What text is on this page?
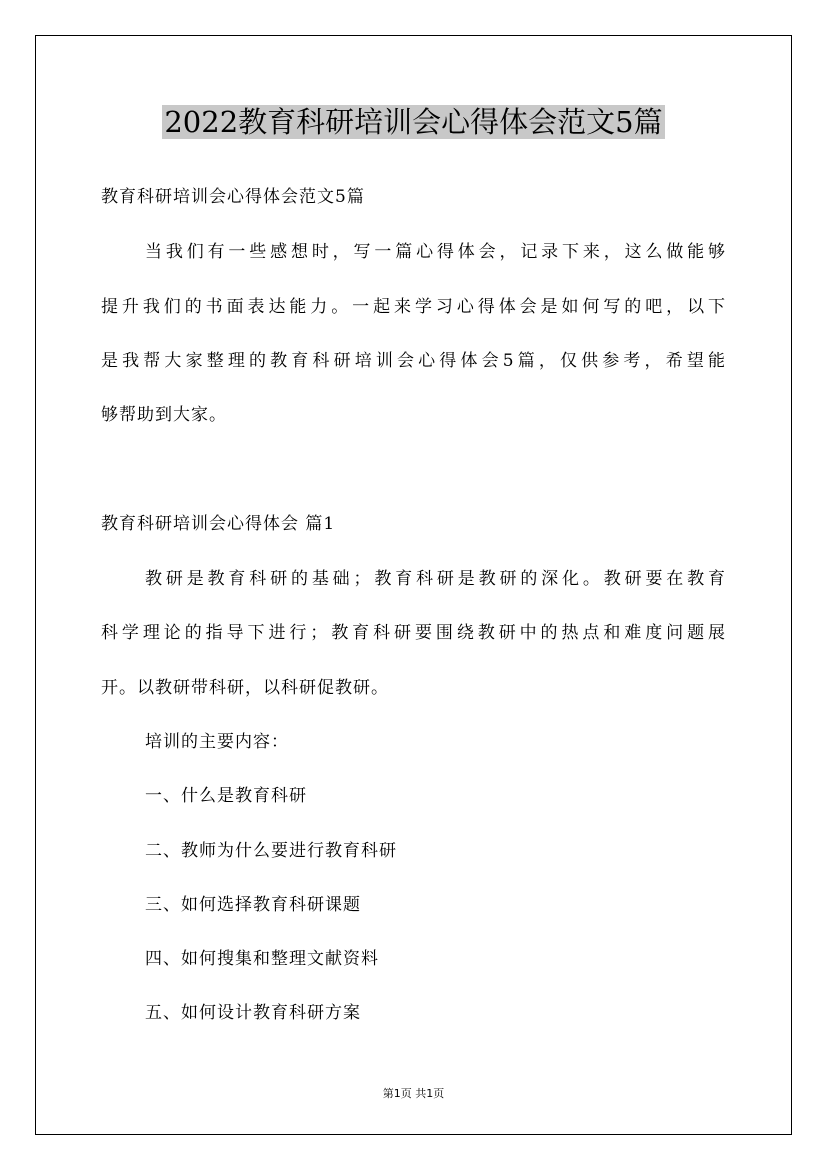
2022教育科研培训会心得体会范文5篇
教育科研培训会心得体会范文5篇
当我们有一些感想时，写一篇心得体会，记录下来，这么做能够
提升我们的书面表达能力。一起来学习心得体会是如何写的吧，以下
是我帮大家整理的教育科研培训会心得体会5篇，仅供参考，希望能
够帮助到大家。
教育科研培训会心得体会 篇1
教研是教育科研的基础；教育科研是教研的深化。教研要在教育
科学理论的指导下进行；教育科研要围绕教研中的热点和难度问题展
开。以教研带科研，以科研促教研。
培训的主要内容：
一、什么是教育科研
二、教师为什么要进行教育科研
三、如何选择教育科研课题
四、如何搜集和整理文献资料
五、如何设计教育科研方案
第1页 共1页
